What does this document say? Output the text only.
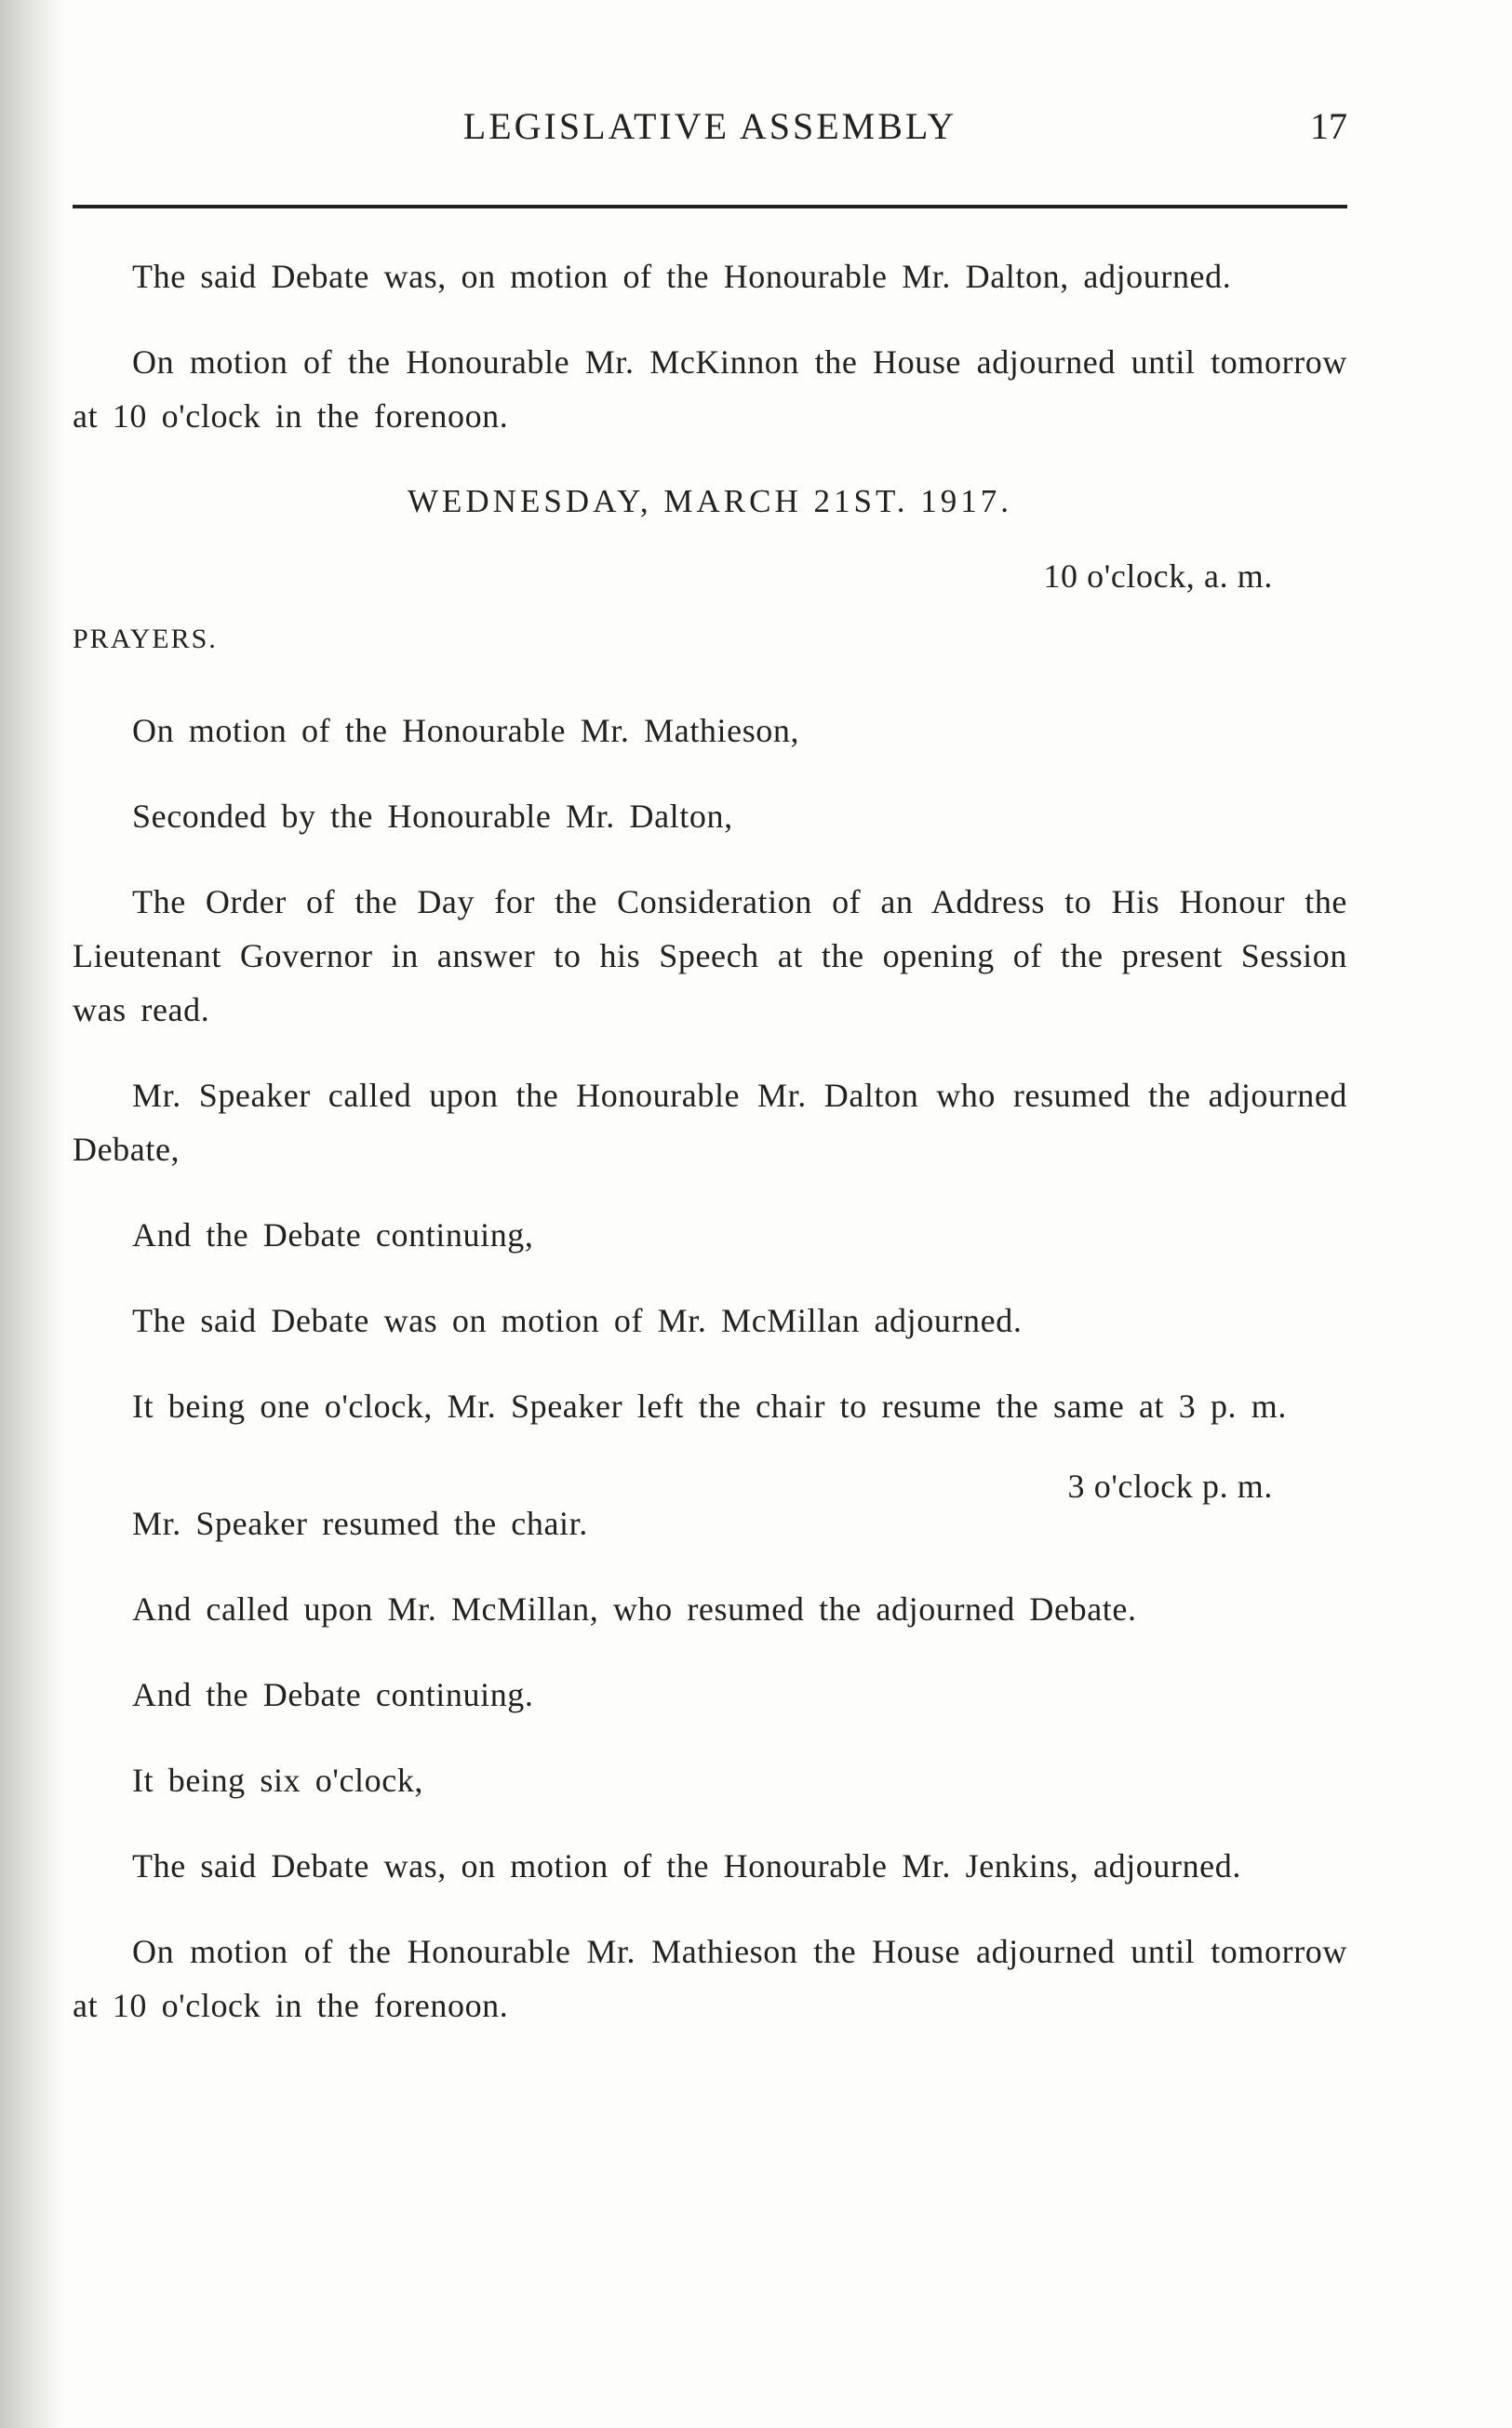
LEGISLATIVE ASSEMBLY	17

The said Debate was, on motion of the Honourable Mr. Dalton, adjourned.

On motion of the Honourable Mr. McKinnon the House adjourned until tomorrow at 10 o'clock in the forenoon.

WEDNESDAY, MARCH 21ST. 1917.

10 o'clock, a. m.

PRAYERS.

On motion of the Honourable Mr. Mathieson,

Seconded by the Honourable Mr. Dalton,

The Order of the Day for the Consideration of an Address to His Honour the Lieutenant Governor in answer to his Speech at the opening of the present Session was read.

Mr. Speaker called upon the Honourable Mr. Dalton who resumed the adjourned Debate,

And the Debate continuing,

The said Debate was on motion of Mr. McMillan adjourned.

It being one o'clock, Mr. Speaker left the chair to resume the same at 3 p. m.

3 o'clock p. m.

Mr. Speaker resumed the chair.

And called upon Mr. McMillan, who resumed the adjourned Debate.

And the Debate continuing.

It being six o'clock,

The said Debate was, on motion of the Honourable Mr. Jenkins, adjourned.

On motion of the Honourable Mr. Mathieson the House adjourned until tomorrow at 10 o'clock in the forenoon.
